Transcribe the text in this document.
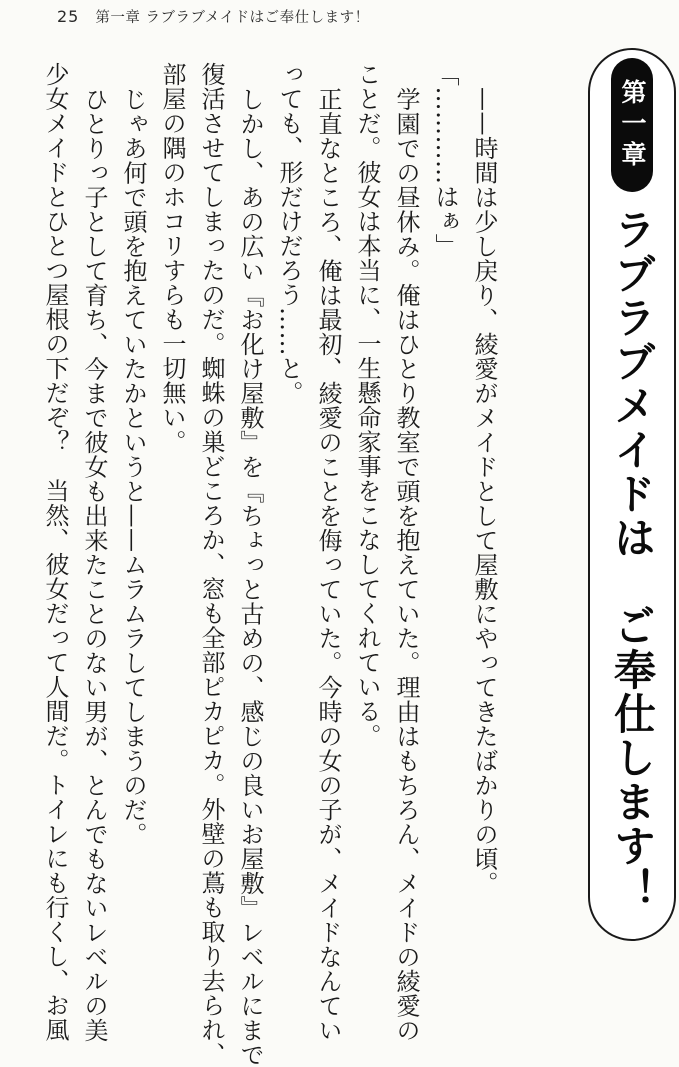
25 第一章 ラブラブメイドはご奉仕します！

——時間は少し戻り、綾愛がメイドとして屋敷にやってきたばかりの頃。

「…………はぁ」

学園での昼休み。俺はひとり教室で頭を抱えていた。理由はもちろん、メイドの綾愛の

ことだ。彼女は本当に、一生懸命家事をこなしてくれている。

正直なところ、俺は最初、綾愛のことを侮っていた。今時の女の子が、メイドなんてい

っても、形だけだろう……と。

しかし、あの広い『お化け屋敷』を『ちょっと古めの、感じの良いお屋敷』レベルにまで

復活させてしまったのだ。蜘蛛の巣どころか、窓も全部ピカピカ。外壁の蔦も取り去られ、

部屋の隅のホコリすらも一切無い。

じゃあ何で頭を抱えていたかというと——ムラムラしてしまうのだ。

ひとりっ子として育ち、今まで彼女も出来たことのない男が、とんでもないレベルの美

少女メイドとひとつ屋根の下だぞ？　当然、彼女だって人間だ。トイレにも行くし、お風	第一章
ラブラブメイドは　ご奉仕します！
